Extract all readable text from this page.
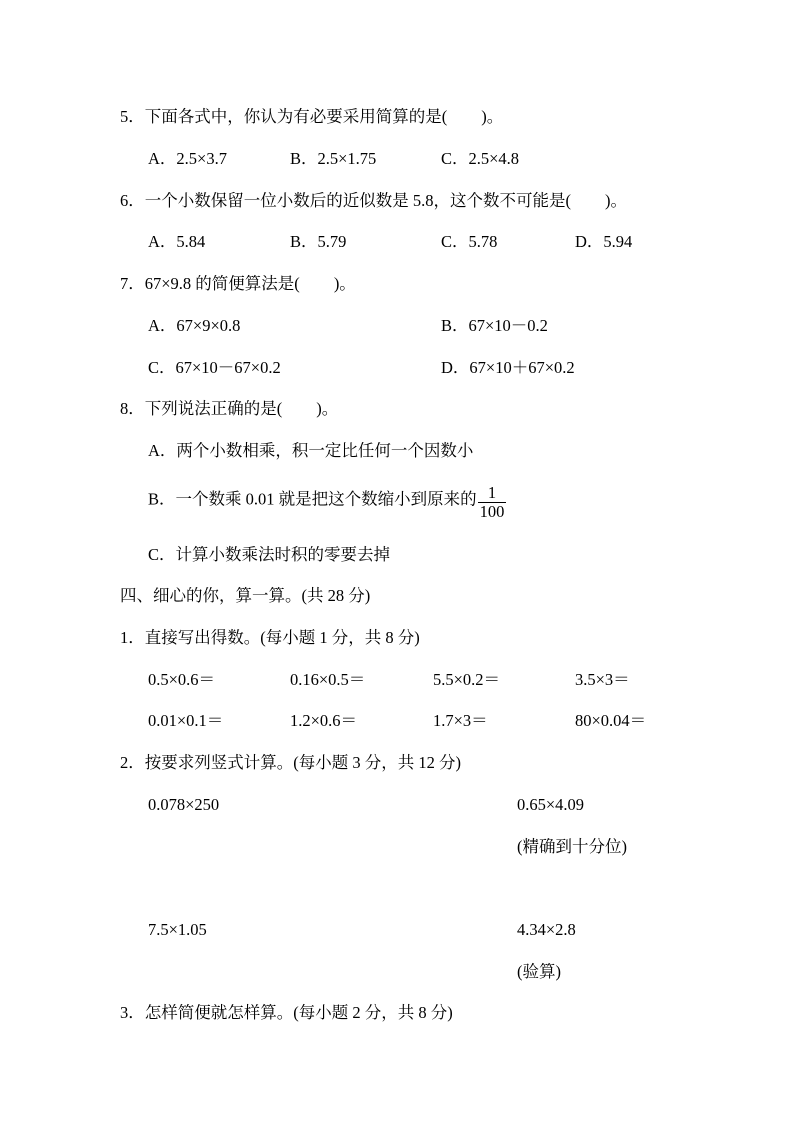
5．下面各式中，你认为有必要采用简算的是( )。
A．2.5×3.7	B．2.5×1.75	C．2.5×4.8
6．一个小数保留一位小数后的近似数是 5.8，这个数不可能是( )。
A．5.84	B．5.79	C．5.78	D．5.94
7．67×9.8 的简便算法是( )。
A．67×9×0.8	B．67×10－0.2
C．67×10－67×0.2	D．67×10＋67×0.2
8．下列说法正确的是( )。
A．两个小数相乘，积一定比任何一个因数小
B．一个数乘 0.01 就是把这个数缩小到原来的 $\frac{1}{100}$
C．计算小数乘法时积的零要去掉
四、细心的你，算一算。(共 28 分)
1．直接写出得数。(每小题 1 分，共 8 分)
0.5×0.6＝	0.16×0.5＝	5.5×0.2＝	3.5×3＝
0.01×0.1＝	1.2×0.6＝	1.7×3＝	80×0.04＝
2．按要求列竖式计算。(每小题 3 分，共 12 分)
0.078×250	0.65×4.09
(精确到十分位)
7.5×1.05	4.34×2.8
(验算)
3．怎样简便就怎样算。(每小题 2 分，共 8 分)
